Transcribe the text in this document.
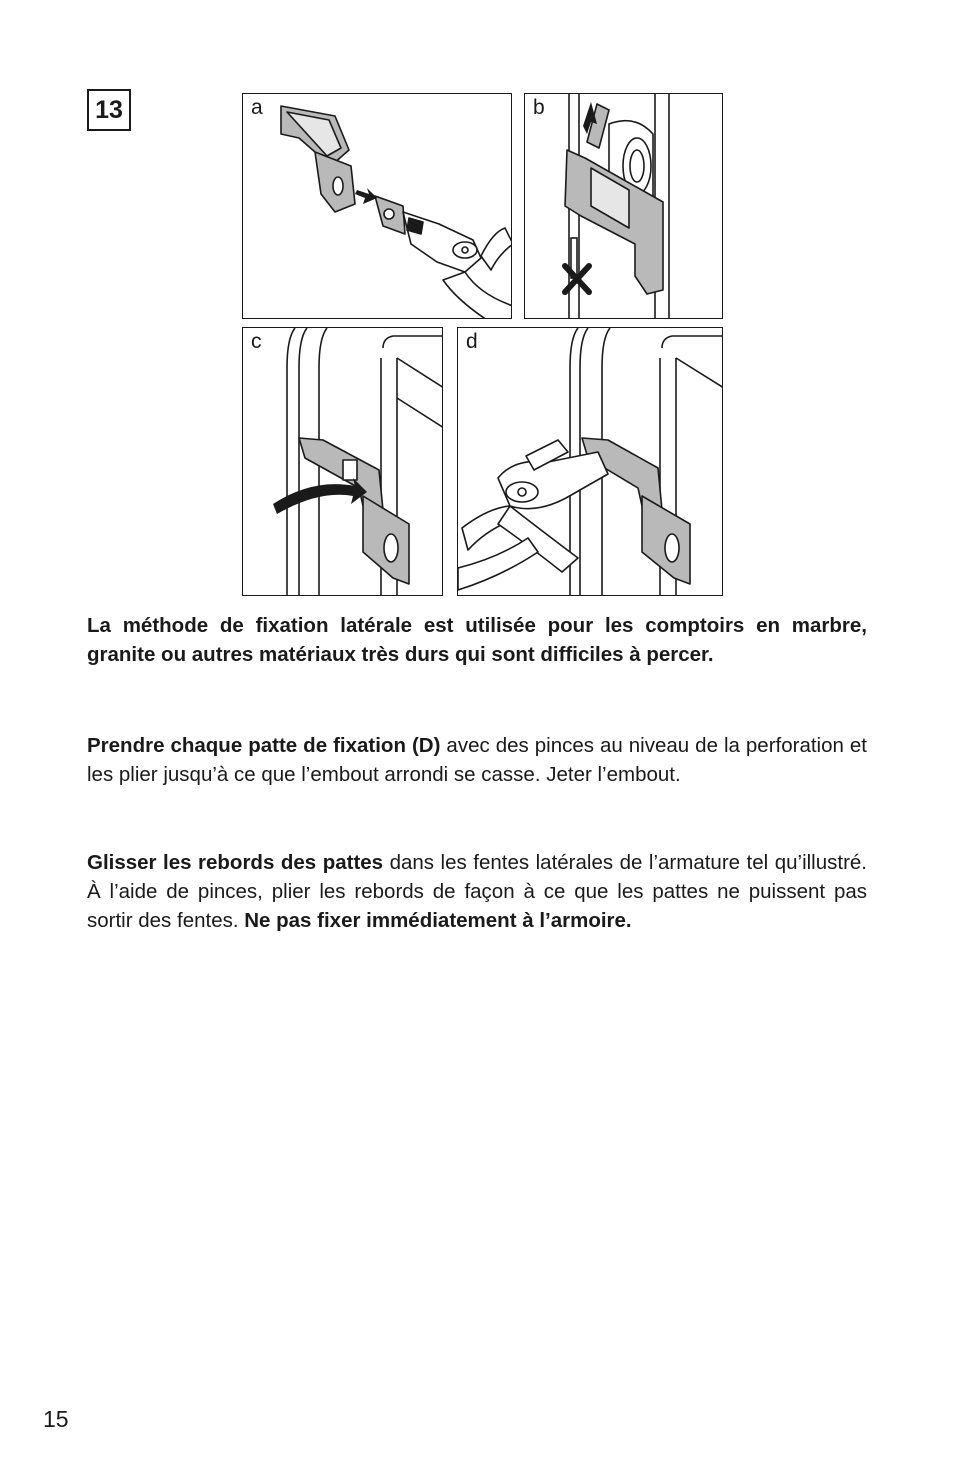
13	a	b
c	d

La méthode de fixation latérale est utilisée pour les comptoirs en marbre, granite ou autres matériaux très durs qui sont difficiles à percer.

Prendre chaque patte de fixation (D) avec des pinces au niveau de la perforation et les plier jusqu’à ce que l’embout arrondi se casse. Jeter l’embout.

Glisser les rebords des pattes dans les fentes latérales de l’armature tel qu’illustré. À l’aide de pinces, plier les rebords de façon à ce que les pattes ne puissent pas sortir des fentes. Ne pas fixer immédiatement à l’armoire.

15
